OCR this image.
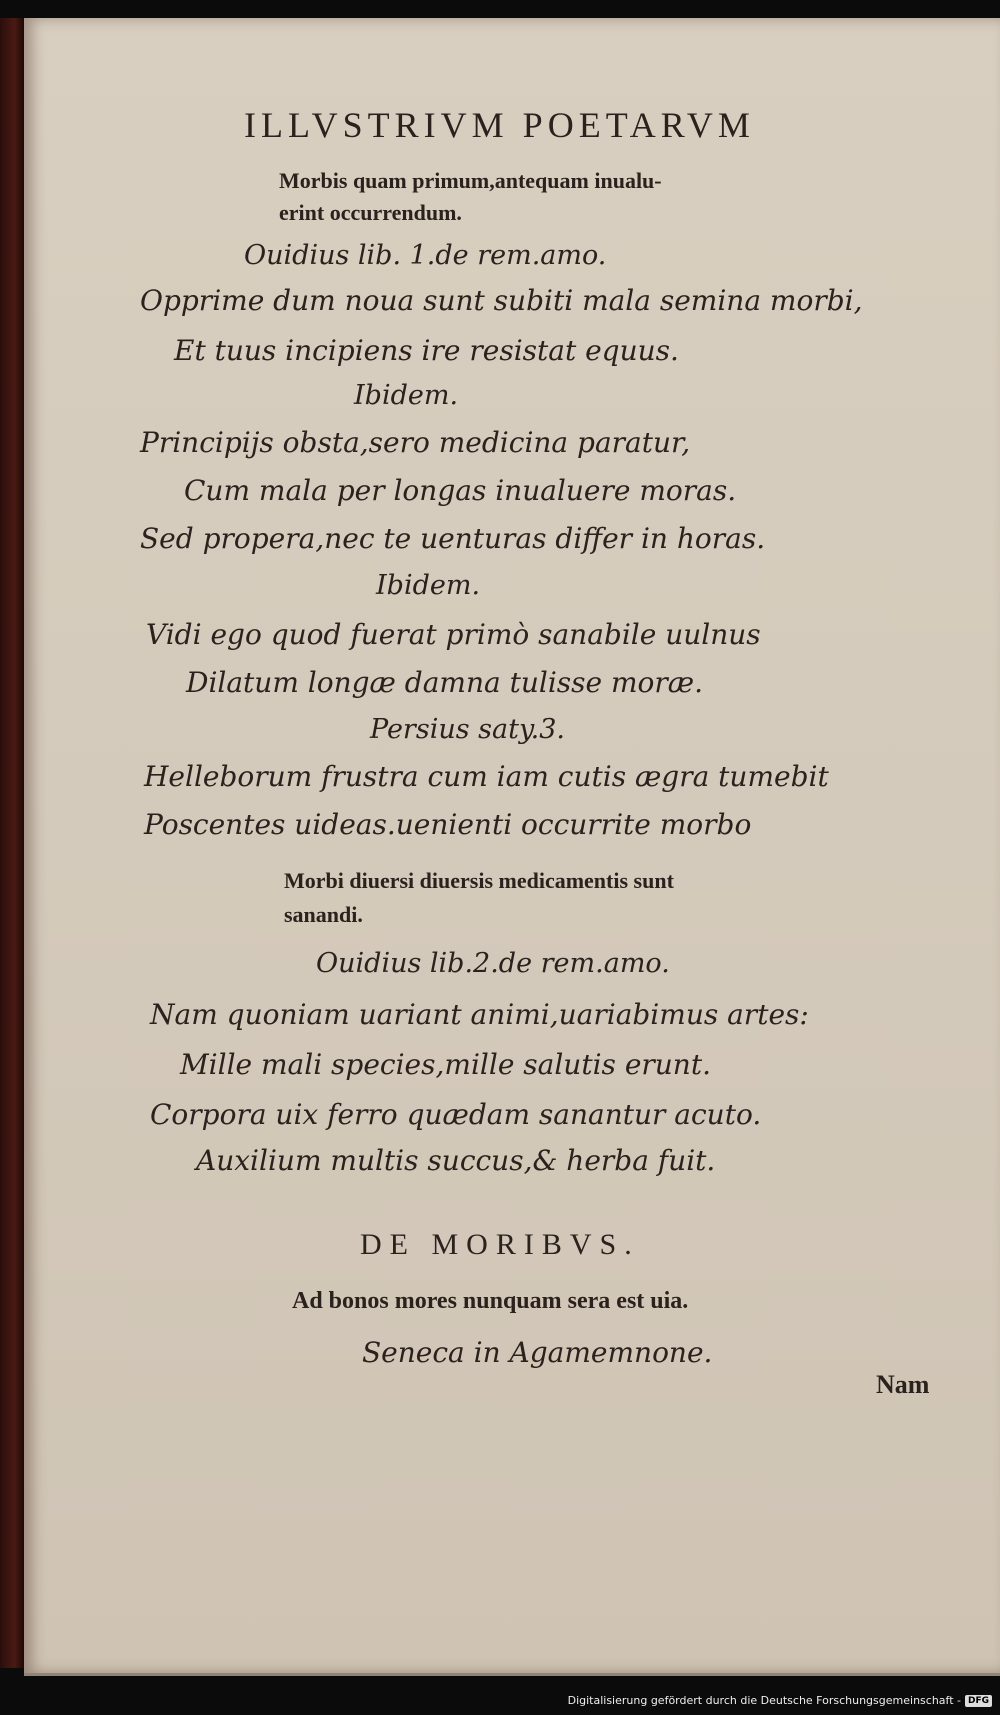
ILLVSTRIVM POETARVM
Morbis quam primum,antequam inualu-
erint occurrendum.
Ouidius lib. 1.de rem.amo.
Opprime dum noua sunt subiti mala semina morbi,
Et tuus incipiens ire resistat equus.
Ibidem.
Principijs obsta,sero medicina paratur,
Cum mala per longas inualuere moras.
Sed propera,nec te uenturas differ in horas.
Ibidem.
Vidi ego quod fuerat primò sanabile uulnus
Dilatum longæ damna tulisse moræ.
Persius saty.3.
Helleborum frustra cum iam cutis ægra tumebit
Poscentes uideas.uenienti occurrite morbo
Morbi diuersi diuersis medicamentis sunt
sanandi.
Ouidius lib.2.de rem.amo.
Nam quoniam uariant animi,uariabimus artes:
Mille mali species,mille salutis erunt.
Corpora uix ferro quædam sanantur acuto.
Auxilium multis succus,& herba fuit.
DE MORIBVS.
Ad bonos mores nunquam sera est uia.
Seneca in Agamemnone.
Nam
Digitalisierung gefördert durch die Deutsche Forschungsgemeinschaft - DFG
